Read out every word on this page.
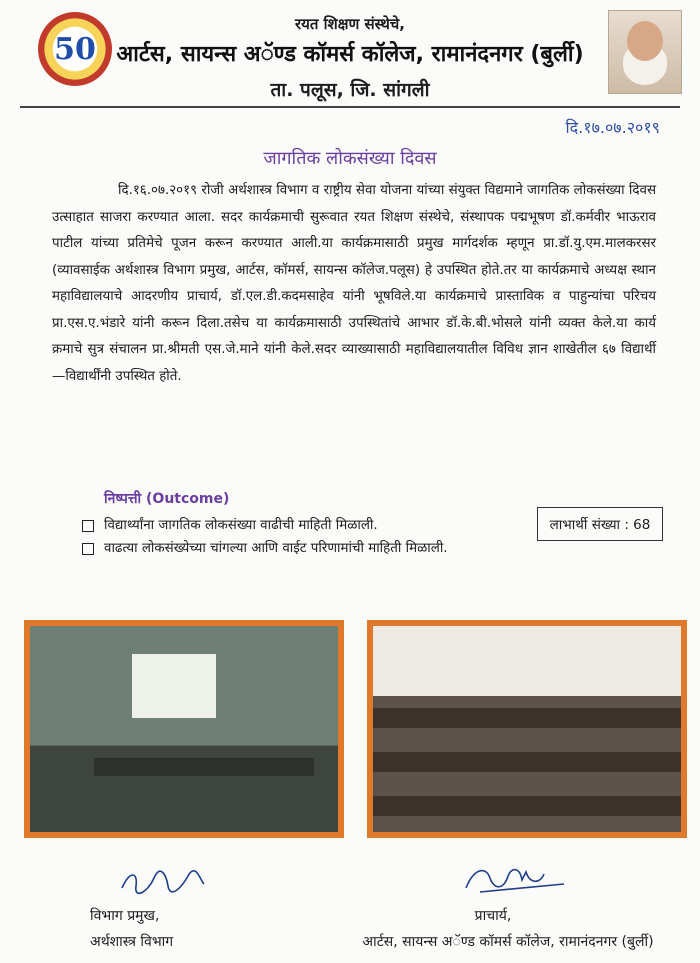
50
रयत शिक्षण संस्थेचे,
आर्टस, सायन्स अॅण्ड कॉमर्स कॉलेज, रामानंदनगर (बुर्ली)
ता. पलूस, जि. सांगली
दि.१७.०७.२०१९
जागतिक लोकसंख्या दिवस
दि.१६.०७.२०१९ रोजी अर्थशास्त्र विभाग व राष्ट्रीय सेवा योजना यांच्या संयुक्त विद्यमाने जागतिक लोकसंख्या दिवस उत्साहात साजरा करण्यात आला. सदर कार्यक्रमाची सुरूवात रयत शिक्षण संस्थेचे, संस्थापक पद्मभूषण डॉ.कर्मवीर भाऊराव पाटील यांच्या प्रतिमेचे पूजन करून करण्यात आली.या कार्यक्रमासाठी प्रमुख मार्गदर्शक म्हणून प्रा.डॉ.यु.एम.मालकरसर (व्यावसाईक अर्थशास्त्र विभाग प्रमुख, आर्टस, कॉमर्स, सायन्स कॉलेज.पलूस) हे उपस्थित होते.तर या कार्यक्रमाचे अध्यक्ष स्थान महाविद्यालयाचे आदरणीय प्राचार्य, डॉ.एल.डी.कदमसाहेव यांनी भूषविले.या कार्यक्रमाचे प्रास्ताविक व पाहुन्यांचा परिचय प्रा.एस.ए.भंडारे यांनी करून दिला.तसेच या कार्यक्रमासाठी उपस्थितांचे आभार डॉ.के.बी.भोसले यांनी व्यक्त केले.या कार्य क्रमाचे सुत्र संचालन प्रा.श्रीमती एस.जे.माने यांनी केले.सदर व्याख्यासाठी महाविद्यालयातील विविध ज्ञान शाखेतील ६७ विद्यार्थी—विद्यार्थींनी उपस्थित होते.
निष्पत्ती (Outcome)
विद्यार्थ्यांना जागतिक लोकसंख्या वाढीची माहिती मिळाली.
वाढत्या लोकसंख्येच्या चांगल्या आणि वाईट परिणामांची माहिती मिळाली.
लाभार्थी संख्या : 68
विभाग प्रमुख,
अर्थशास्त्र विभाग
प्राचार्य,
आर्टस, सायन्स अॅण्ड कॉमर्स कॉलेज, रामानंदनगर (बुर्ली)
